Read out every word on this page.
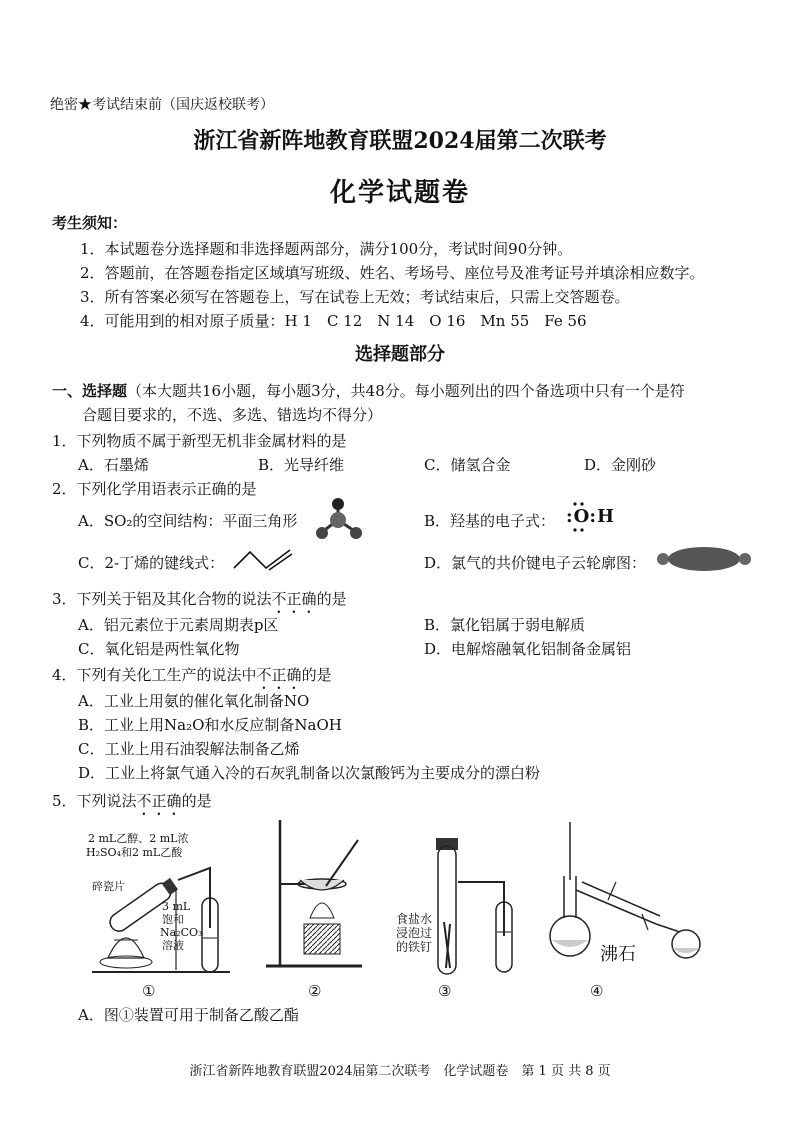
绝密★考试结束前（国庆返校联考）
浙江省新阵地教育联盟2024届第二次联考
化学试题卷
考生须知：
1．本试题卷分选择题和非选择题两部分，满分100分，考试时间90分钟。
2．答题前，在答题卷指定区域填写班级、姓名、考场号、座位号及准考证号并填涂相应数字。
3．所有答案必须写在答题卷上，写在试卷上无效；考试结束后，只需上交答题卷。
4．可能用到的相对原子质量：H 1　C 12　N 14　O 16　Mn 55　Fe 56
选择题部分
一、选择题（本大题共16小题，每小题3分，共48分。每小题列出的四个备选项中只有一个是符
合题目要求的，不选、多选、错选均不得分）
1．下列物质不属于新型无机非金属材料的是
A．石墨烯	B．光导纤维	C．储氢合金	D．金刚砂
2．下列化学用语表示正确的是
A．SO₂的空间结构：平面三角形	B．羟基的电子式： :O:H
C．2-丁烯的键线式：	D．氯气的共价键电子云轮廓图：
3．下列关于铝及其化合物的说法不正确的是
A．铝元素位于元素周期表p区	B．氯化铝属于弱电解质
C．氧化铝是两性氧化物	D．电解熔融氧化铝制备金属铝
4．下列有关化工生产的说法中不正确的是
A．工业上用氨的催化氧化制备NO
B．工业上用Na₂O和水反应制备NaOH
C．工业上用石油裂解法制备乙烯
D．工业上将氯气通入冷的石灰乳制备以次氯酸钙为主要成分的漂白粉
5．下列说法不正确的是
2 mL乙醇、2 mL浓
H₂SO₄和2 mL乙酸
碎瓷片
3 mL
饱和
Na₂CO₃
溶液
①	②
食盐水
浸泡过
的铁钉
③
沸石
④
A．图①装置可用于制备乙酸乙酯
浙江省新阵地教育联盟2024届第二次联考　化学试题卷　第 1 页 共 8 页
